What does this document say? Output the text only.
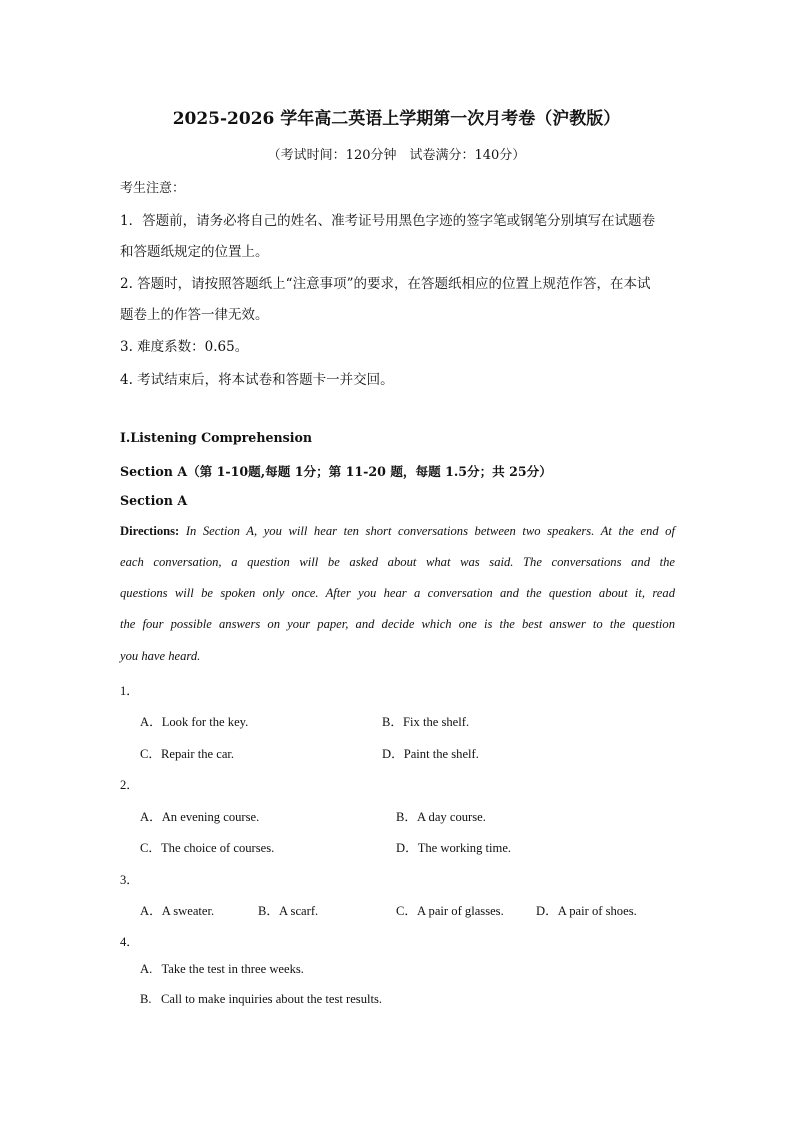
2025-2026 学年高二英语上学期第一次月考卷（沪教版）
（考试时间：120分钟　试卷满分：140分）
考生注意：
1．答题前，请务必将自己的姓名、准考证号用黑色字迹的签字笔或钢笔分别填写在试题卷
和答题纸规定的位置上。
2. 答题时，请按照答题纸上“注意事项”的要求，在答题纸相应的位置上规范作答，在本试
题卷上的作答一律无效。
3. 难度系数：0.65。
4. 考试结束后，将本试卷和答题卡一并交回。
I.Listening Comprehension
Section A（第 1-10题,每题 1分；第 11-20 题，每题 1.5分；共 25分）
Section A
Directions: In Section A, you will hear ten short conversations between two speakers. At the end of
each conversation, a question will be asked about what was said. The conversations and the
questions will be spoken only once. After you hear a conversation and the question about it, read
the four possible answers on your paper, and decide which one is the best answer to the question
you have heard.
1．
A．Look for the key.	B．Fix the shelf.
C．Repair the car.	D．Paint the shelf.
2．
A．An evening course.	B．A day course.
C．The choice of courses.	D．The working time.
3．
A．A sweater.	B．A scarf.	C．A pair of glasses.	D．A pair of shoes.
4．
A.   Take the test in three weeks.
B.   Call to make inquiries about the test results.
